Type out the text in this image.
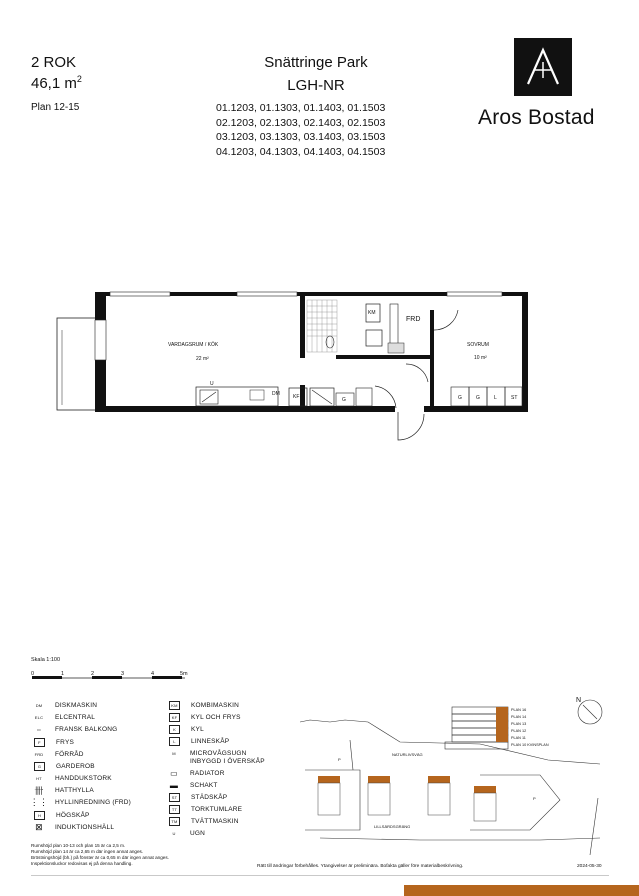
2 ROK
46,1 $m^2$
Plan 12-15
Snättringe Park
LGH-NR
01.1203, 01.1303, 01.1403, 01.1503
02.1203, 02.1303, 02.1403, 02.1503
03.1203, 03.1303, 03.1403, 03.1503
04.1203, 04.1303, 04.1403, 04.1503
Aros Bostad
VARDAGSRUM / KÖK
22 m²
SOVRUM
10 m²
FRD
KM
KF
DM
U
G	G	G	L	ST
Skala 1:100
0	1	2	3	4	5m
DM	DISKMASKIN
ELC	ELCENTRAL
▭	FRANSK BALKONG
F	FRYS
FRD	FÖRRÅD
G	GARDEROB
HT	HANDDUKSTORK
卌	HATTHYLLA
⋮⋮ HYLLINREDNING (FRD)
H	HÖGSKÅP
⊠	INDUKTIONSHÄLL
KM	KOMBIMASKIN
KF	KYL OCH FRYS
K	KYL
L	LINNESKÅP
M	MICROVÅGSUGN
INBYGGD I ÖVERSKÅP
▭	RADIATOR
▬	SCHAKT
ST	STÄDSKÅP
TT	TORKTUMLARE
TM	TVÄTTMASKIN
U	UGN
Rumshöjd plan 10-13 och plan 15 är ca 2,5 m.
Rumshöjd plan 14 är ca 2,65 m där ingen annat anges.
Bröstningshöjd (bh.) på fönster är ca 0,65 m där ingen annat anges.
Inspektionsluckor redovisas ej på denna handling.
PLAN 16
PLAN 14
PLAN 13
PLAN 12
PLAN 11
PLAN 10 KVINSPLAN
N
NATURLIVSVÄG
LILLSÄRDSGRÄNG
P
P
Rätt till ändringar förbehålles. Ytangivelser är preliminära. Bofakta gäller före materialbeskrivning.	2024-05-30
